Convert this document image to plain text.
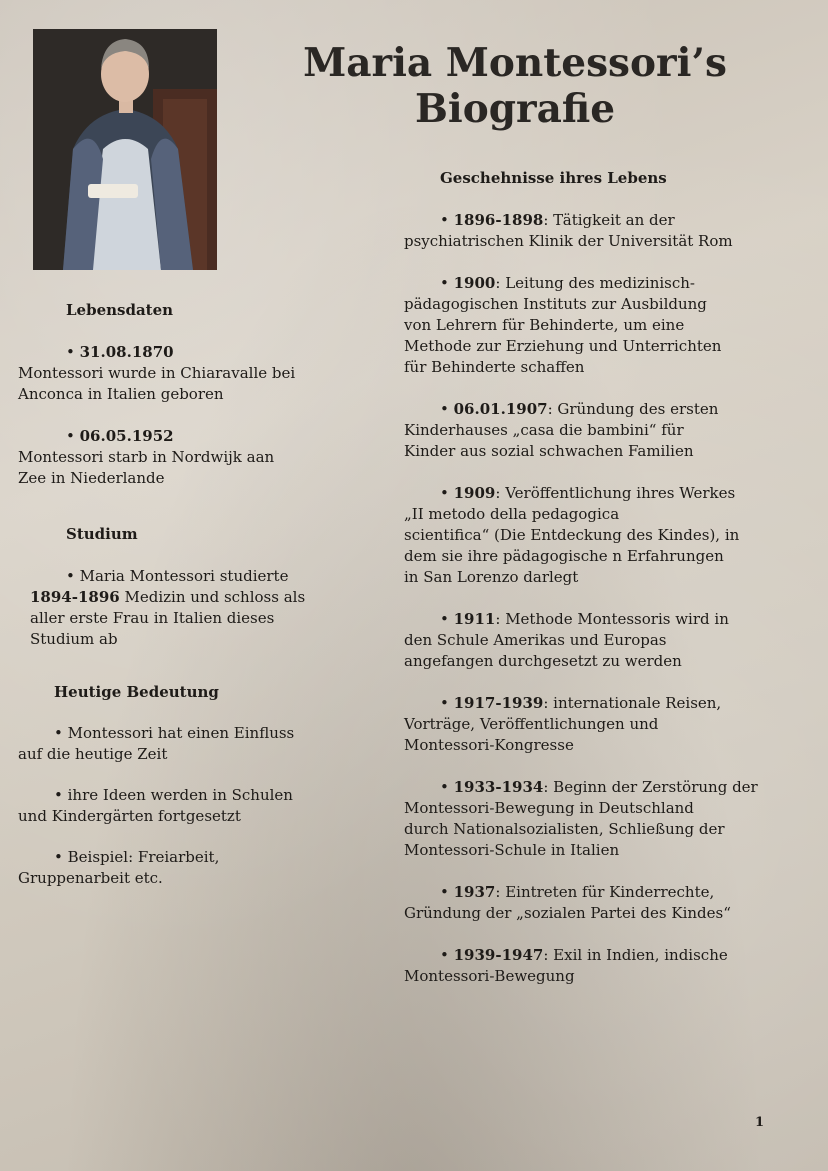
Maria Montessori’s
Biografie

Lebensdaten

• 31.08.1870

Montessori wurde in Chiaravalle bei

Anconca in Italien geboren

• 06.05.1952

Montessori starb in Nordwijk aan

Zee in Niederlande

Studium

• Maria Montessori studierte

1894-1896 Medizin und schloss als

aller erste Frau in Italien dieses

Studium ab

Heutige Bedeutung

• Montessori hat einen Einfluss

auf die heutige Zeit

• ihre Ideen werden in Schulen

und Kindergärten fortgesetzt

• Beispiel: Freiarbeit,

Gruppenarbeit etc.

Geschehnisse ihres Lebens

• 1896-1898: Tätigkeit an der

psychiatrischen Klinik der Universität Rom

• 1900: Leitung des medizinisch-

pädagogischen Instituts zur Ausbildung

von Lehrern für Behinderte, um eine

Methode zur Erziehung und Unterrichten

für Behinderte schaffen

• 06.01.1907: Gründung des ersten

Kinderhauses „casa die bambini“ für

Kinder aus sozial schwachen Familien

• 1909: Veröffentlichung ihres Werkes

„II metodo della pedagogica

scientifica“ (Die Entdeckung des Kindes), in

dem sie ihre pädagogische n Erfahrungen

in San Lorenzo darlegt

• 1911: Methode Montessoris wird in

den Schule Amerikas und Europas

angefangen durchgesetzt zu werden

• 1917-1939: internationale Reisen,

Vorträge, Veröffentlichungen und

Montessori-Kongresse

• 1933-1934: Beginn der Zerstörung der

Montessori-Bewegung in Deutschland

durch Nationalsozialisten, Schließung der

Montessori-Schule in Italien

• 1937: Eintreten für Kinderrechte,

Gründung der „sozialen Partei des Kindes“

• 1939-1947: Exil in Indien, indische

Montessori-Bewegung

1
